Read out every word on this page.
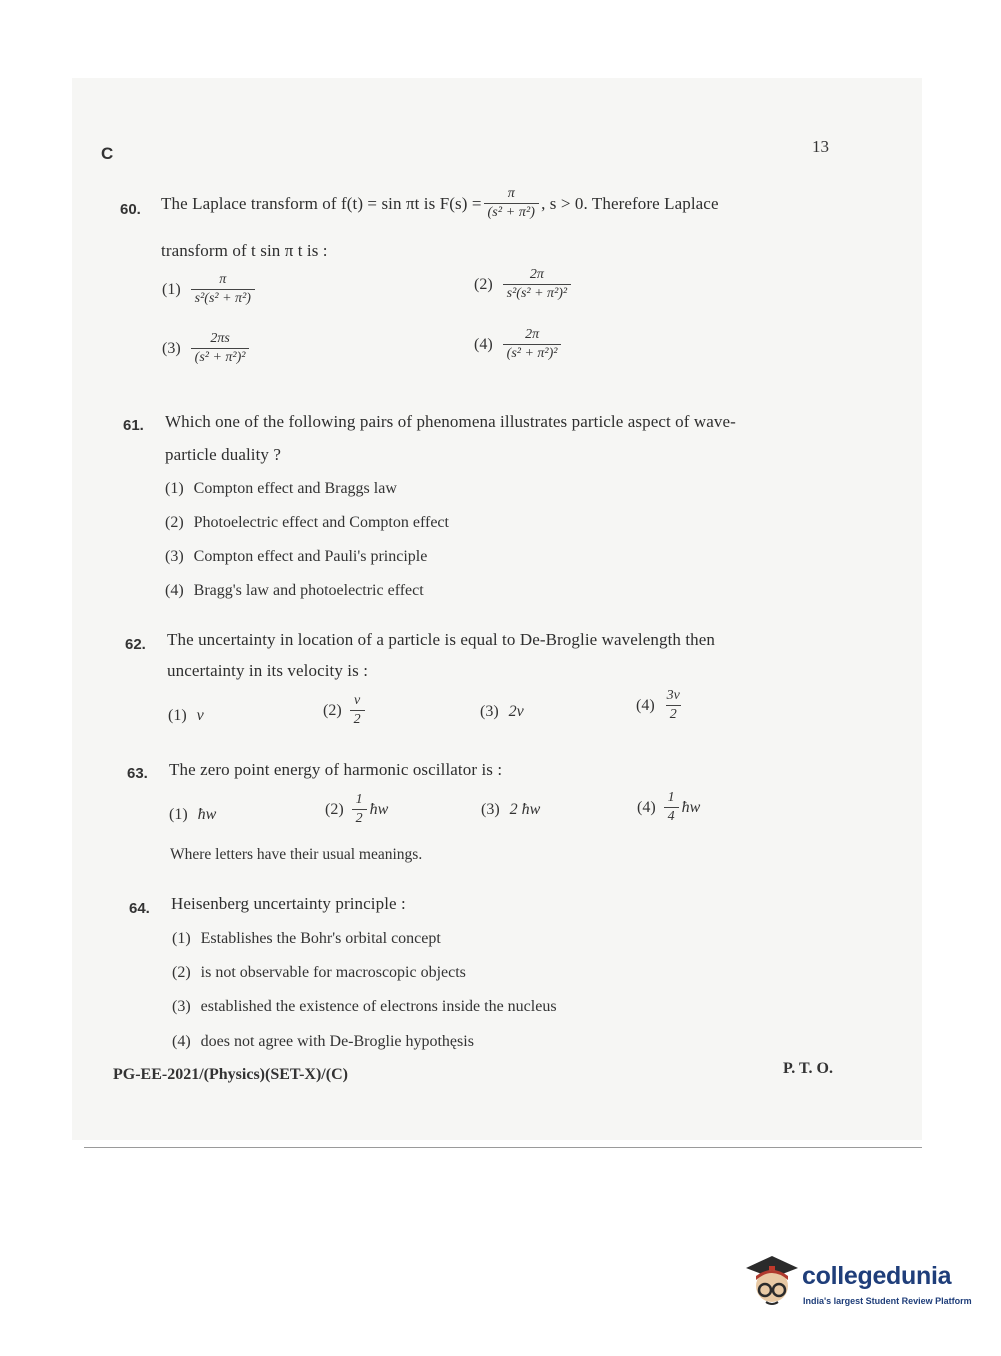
C	13
60. The Laplace transform of f(t) = sin πt is $F(s) = \frac{\pi}{\text{(s² + π²)}}$ , s > 0. Therefore Laplace
transform of t sin π t is :
$(1) \frac{\pi}{\text{s²(s² + π²)}}$	$(2) \frac{2\pi}{\text{s²(s² + π²)²}}$
$(3) \frac{2\pi s}{\text{(s² + π²)²}}$	$(4) \frac{2\pi}{\text{(s² + π²)²}}$
61. Which one of the following pairs of phenomena illustrates particle aspect of wave-
particle duality ?
(1) Compton effect and Braggs law
(2) Photoelectric effect and Compton effect
(3) Compton effect and Pauli's principle
(4) Bragg's law and photoelectric effect
62. The uncertainty in location of a particle is equal to De-Broglie wavelength then
uncertainty in its velocity is :
(1) v	$(2) \frac{v}{2}$	(3) 2v	$(4) \frac{3v}{2}$
63. The zero point energy of harmonic oscillator is :
(1) ħw	$(2) \frac{1}{2}$ ħw	(3) 2 ħw	$(4) \frac{1}{4}$ ħw
Where letters have their usual meanings.
64. Heisenberg uncertainty principle :
(1) Establishes the Bohr's orbital concept
(2) is not observable for macroscopic objects
(3) established the existence of electrons inside the nucleus
(4) does not agree with De-Broglie hypothęsis
PG-EE-2021/(Physics)(SET-X)/(C)	P. T. O.
collegedunia
India's largest Student Review Platform
